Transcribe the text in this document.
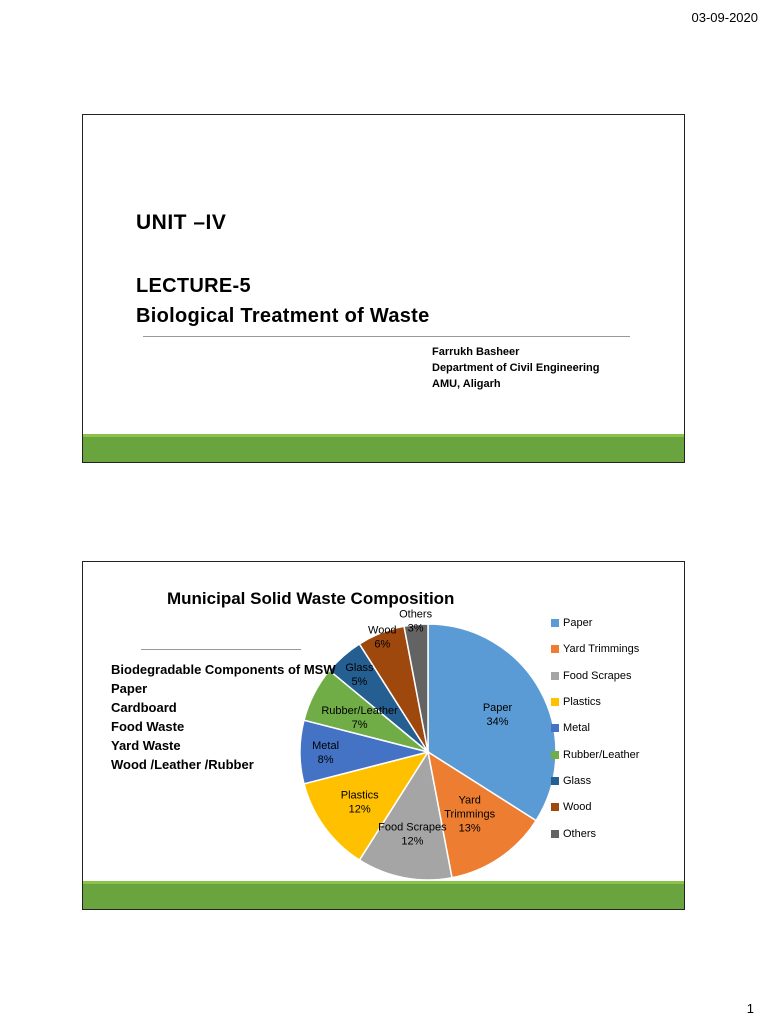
03-09-2020
UNIT –IV
LECTURE-5
Biological Treatment of Waste
Farrukh Basheer
Department of Civil Engineering
AMU, Aligarh
Municipal Solid Waste Composition
Paper 34%
Yard Trimmings 13%
Food Scrapes 12%
Plastics 12%
Metal 8%
Rubber/Leather 7%
Glass 5%
Wood 6%
Others 3%
Biodegradable Components of MSW
Paper
Cardboard
Food Waste
Yard Waste
Wood /Leather /Rubber
Paper
Yard Trimmings
Food Scrapes
Plastics
Metal
Rubber/Leather
Glass
Wood
Others
1
